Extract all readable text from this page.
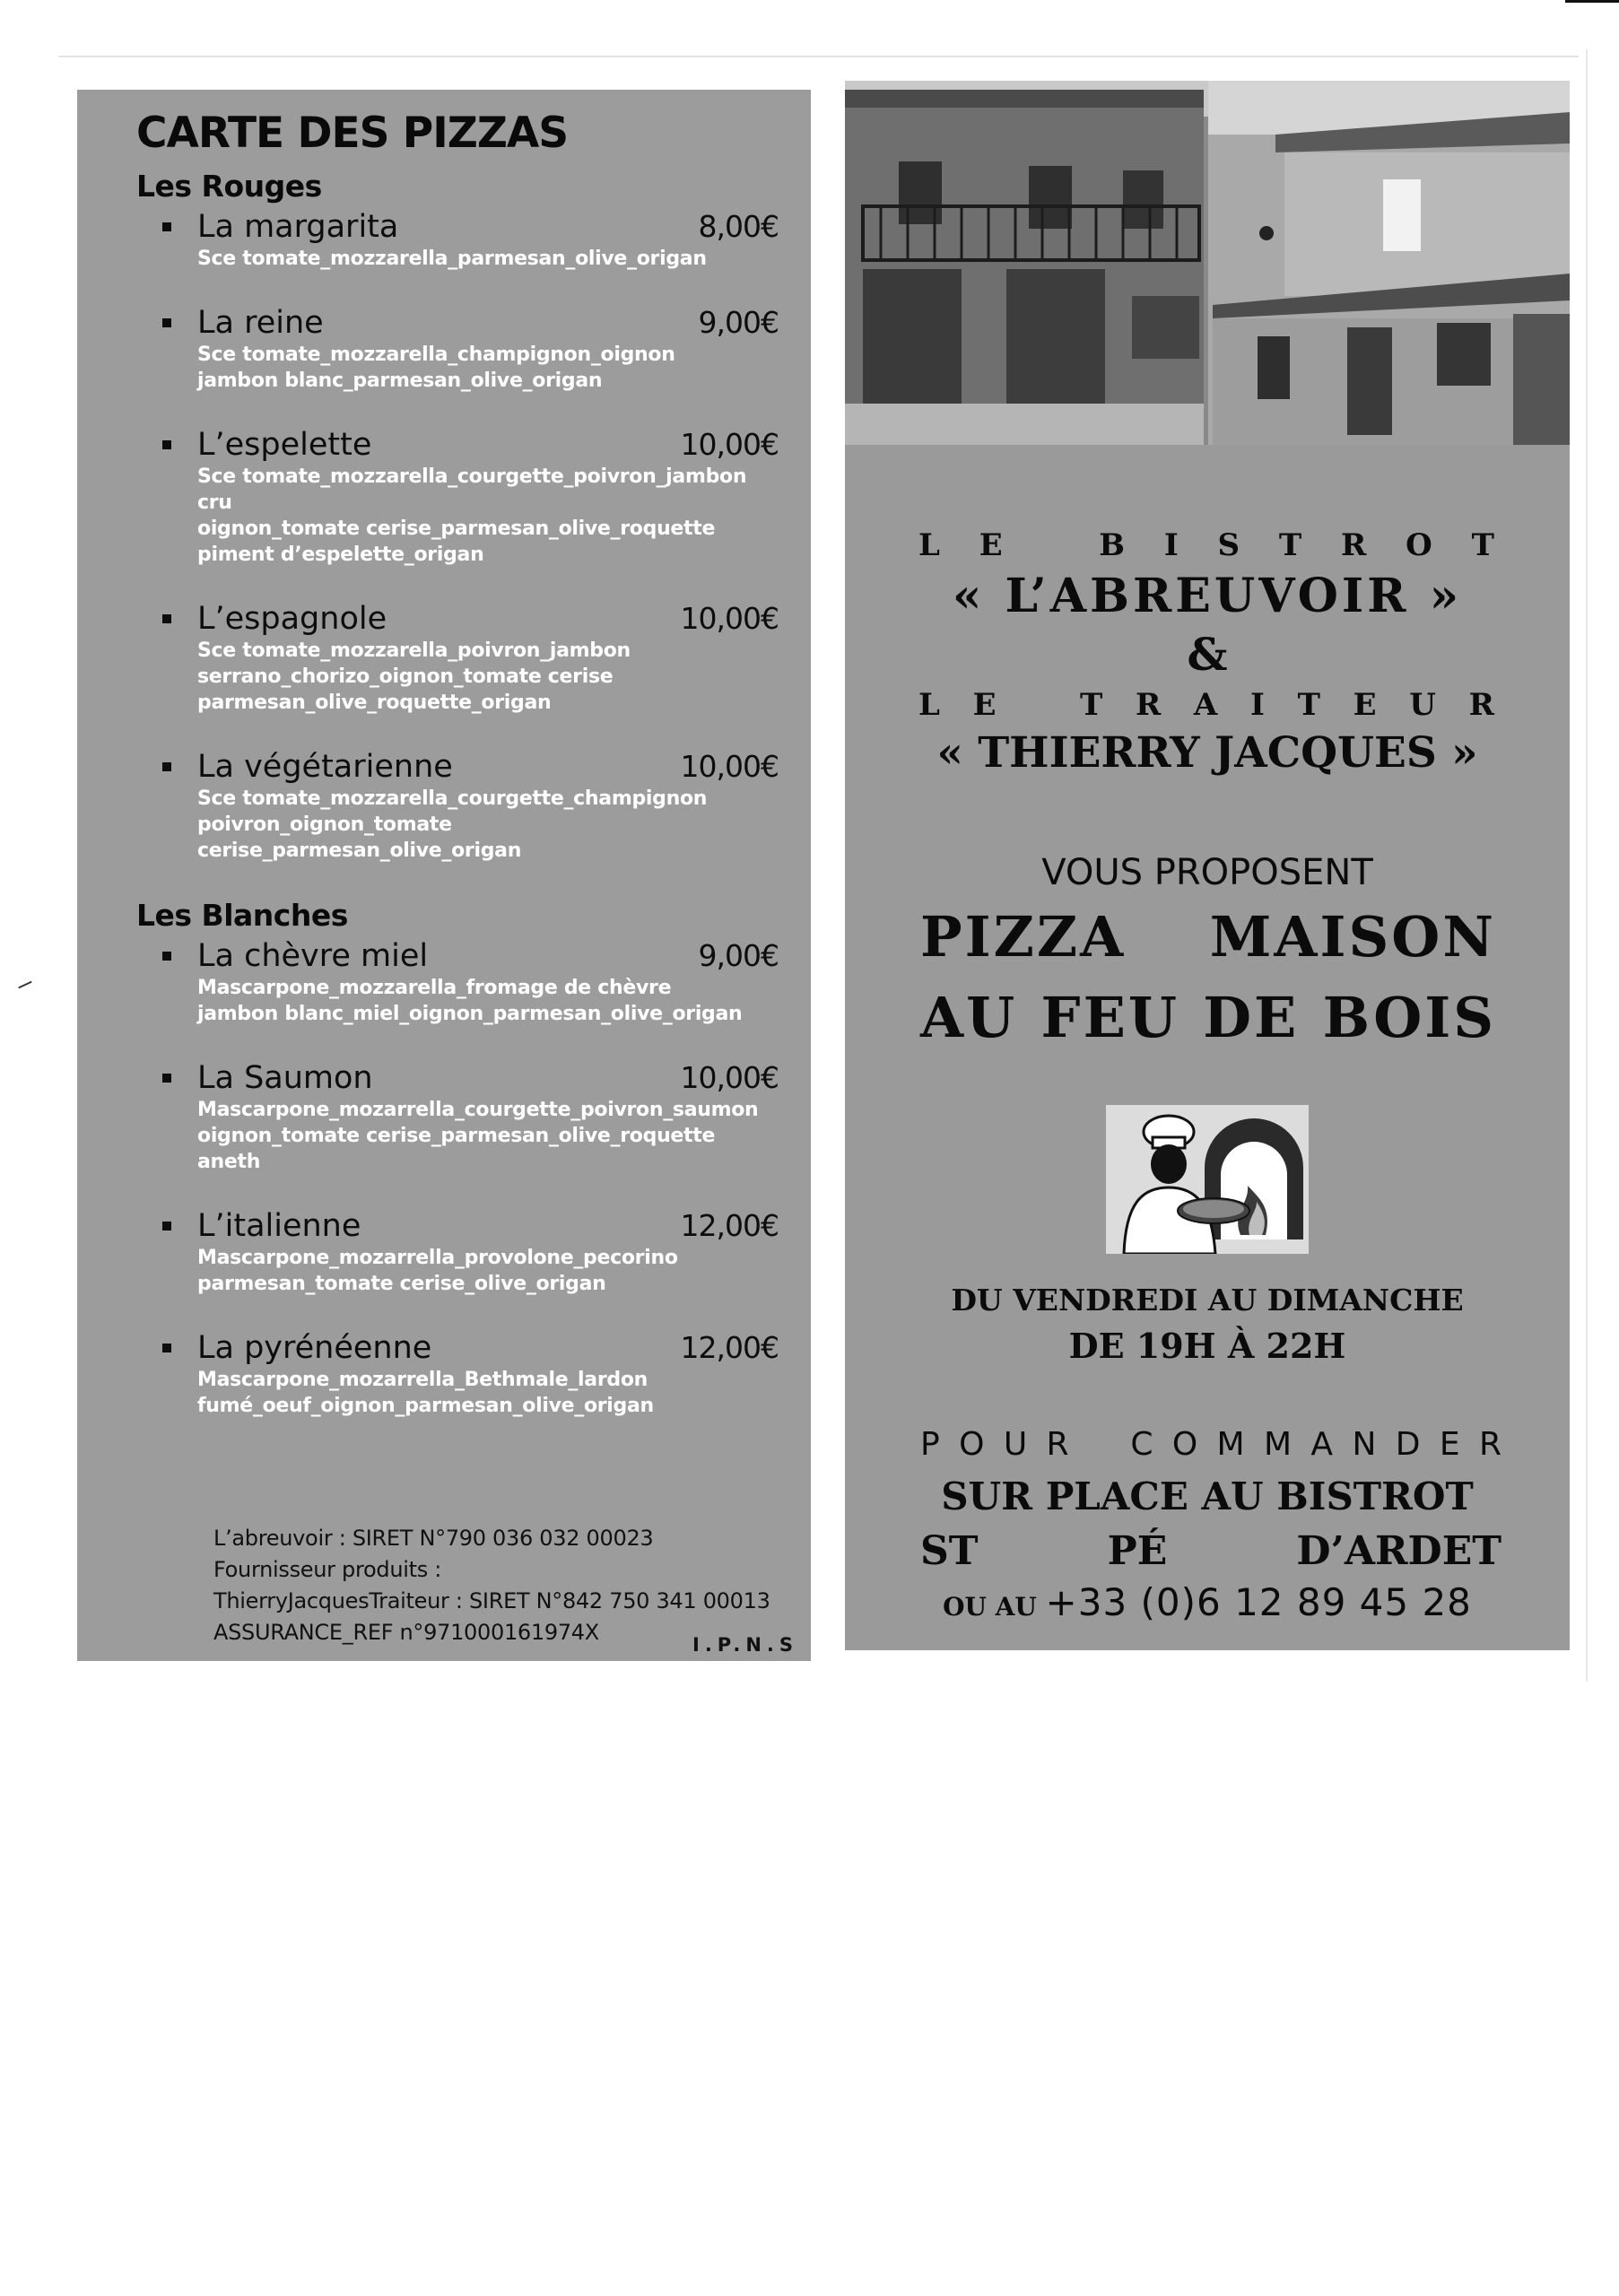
CARTE DES PIZZAS
Les Rouges
La margarita	8,00€
Sce tomate_mozzarella_parmesan_olive_origan
La reine	9,00€
Sce tomate_mozzarella_champignon_oignon
jambon blanc_parmesan_olive_origan
L’espelette	10,00€
Sce tomate_mozzarella_courgette_poivron_jambon cru
oignon_tomate cerise_parmesan_olive_roquette
piment d’espelette_origan
L’espagnole	10,00€
Sce tomate_mozzarella_poivron_jambon
serrano_chorizo_oignon_tomate cerise
parmesan_olive_roquette_origan
La végétarienne	10,00€
Sce tomate_mozzarella_courgette_champignon
poivron_oignon_tomate cerise_parmesan_olive_origan
Les Blanches
La chèvre miel	9,00€
Mascarpone_mozzarella_fromage de chèvre
jambon blanc_miel_oignon_parmesan_olive_origan
La Saumon	10,00€
Mascarpone_mozarrella_courgette_poivron_saumon
oignon_tomate cerise_parmesan_olive_roquette
aneth
L’italienne	12,00€
Mascarpone_mozarrella_provolone_pecorino
parmesan_tomate cerise_olive_origan
La pyrénéenne	12,00€
Mascarpone_mozarrella_Bethmale_lardon
fumé_oeuf_oignon_parmesan_olive_origan
L’abreuvoir : SIRET N°790 036 032 00023
Fournisseur produits :
ThierryJacquesTraiteur : SIRET N°842 750 341 00013
ASSURANCE_REF n°971000161974X	I.P.N.S
L E	B I S T R O T
« L’ABREUVOIR »
&
L E	T R A I T E U R
« THIERRY JACQUES »
VOUS PROPOSENT
PIZZA MAISON
AU FEU DE BOIS
DU VENDREDI AU DIMANCHE
DE 19H À 22H
P O U R C O M M A N D E R
SUR PLACE AU BISTROT
ST	PÉ	D’ARDET
OU AU +33 (0)6 12 89 45 28
